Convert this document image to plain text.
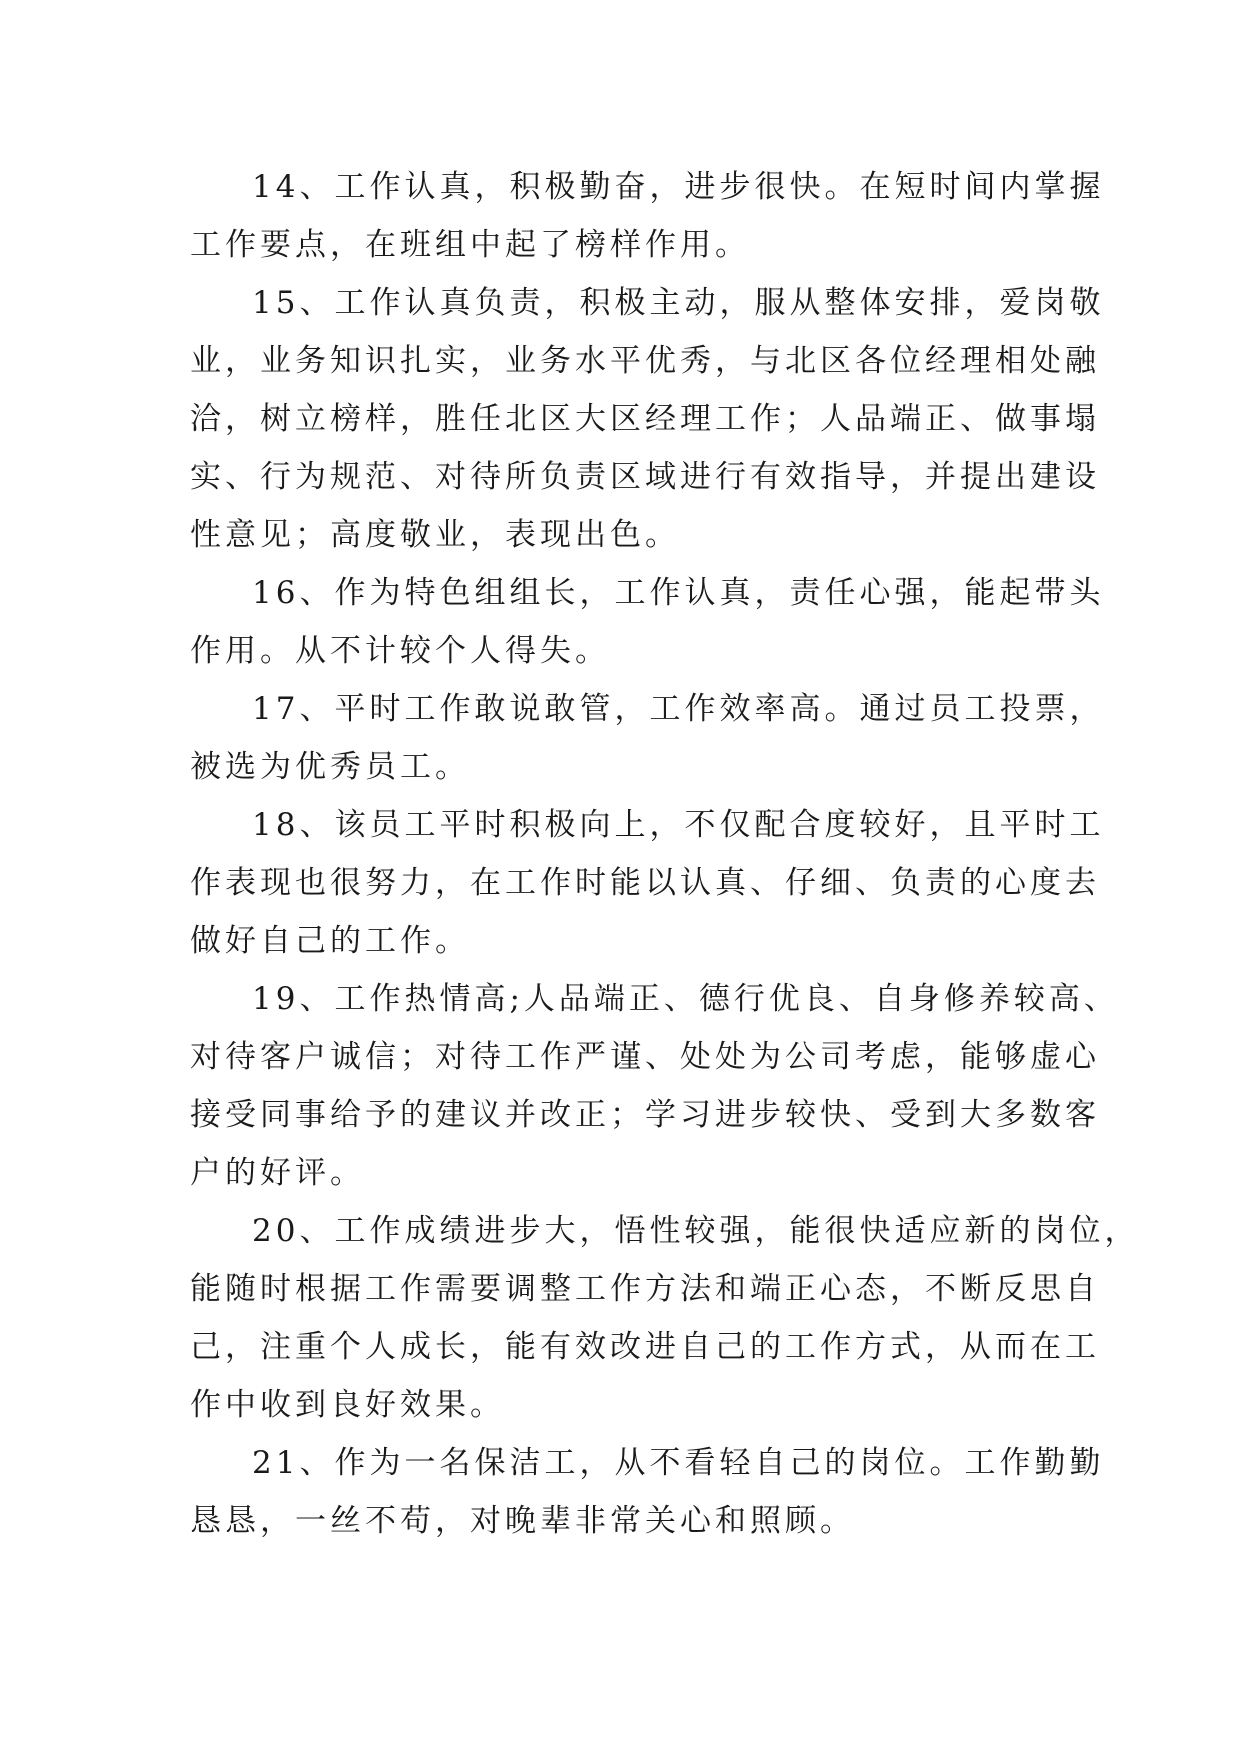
14、工作认真，积极勤奋，进步很快。在短时间内掌握
工作要点，在班组中起了榜样作用。

15、工作认真负责，积极主动，服从整体安排，爱岗敬
业，业务知识扎实，业务水平优秀，与北区各位经理相处融
洽，树立榜样，胜任北区大区经理工作；人品端正、做事塌
实、行为规范、对待所负责区域进行有效指导，并提出建设
性意见；高度敬业，表现出色。

16、作为特色组组长，工作认真，责任心强，能起带头
作用。从不计较个人得失。

17、平时工作敢说敢管，工作效率高。通过员工投票，
被选为优秀员工。

18、该员工平时积极向上，不仅配合度较好，且平时工
作表现也很努力，在工作时能以认真、仔细、负责的心度去
做好自己的工作。

19、工作热情高;人品端正、德行优良、自身修养较高、
对待客户诚信；对待工作严谨、处处为公司考虑，能够虚心
接受同事给予的建议并改正；学习进步较快、受到大多数客
户的好评。

20、工作成绩进步大，悟性较强，能很快适应新的岗位，
能随时根据工作需要调整工作方法和端正心态，不断反思自
己，注重个人成长，能有效改进自己的工作方式，从而在工
作中收到良好效果。

21、作为一名保洁工，从不看轻自己的岗位。工作勤勤
恳恳，一丝不苟，对晚辈非常关心和照顾。
